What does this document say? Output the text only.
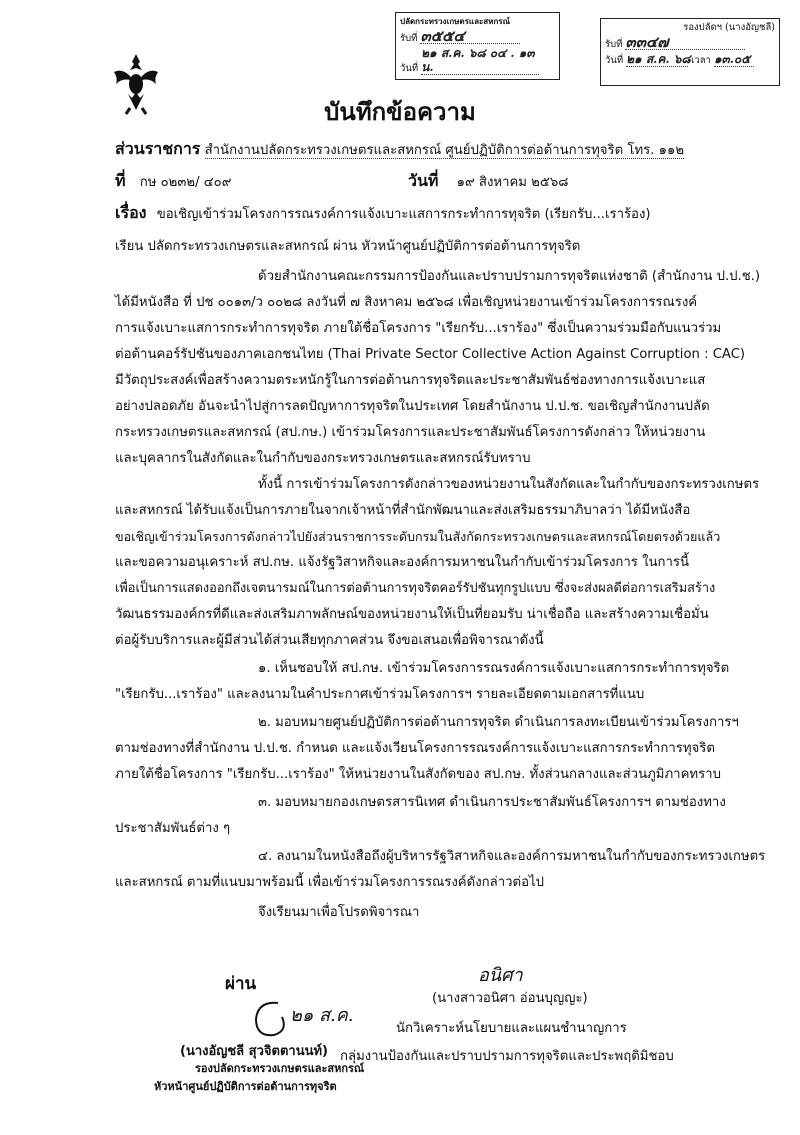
ปลัดกระทรวงเกษตรและสหกรณ์
รับที่ ๓๕๕๔
วันที่ ๒๑ ส.ค. ๖๘ ๐๔ . ๑๓ น.
รองปลัดฯ (นางอัญชลี)
รับที่ ๓๓๔๗
วันที่ ๒๑ ส.ค. ๖๘ เวลา ๑๓.๐๕
บันทึกข้อความ
ส่วนราชการ สำนักงานปลัดกระทรวงเกษตรและสหกรณ์ ศูนย์ปฏิบัติการต่อต้านการทุจริต โทร. ๑๑๒
ที่ กษ ๐๒๓๒/ ๔๐๙	วันที่ ๑๙ สิงหาคม ๒๕๖๘
เรื่อง ขอเชิญเข้าร่วมโครงการรณรงค์การแจ้งเบาะแสการกระทำการทุจริต (เรียกรับ...เราร้อง)
เรียน ปลัดกระทรวงเกษตรและสหกรณ์ ผ่าน หัวหน้าศูนย์ปฏิบัติการต่อต้านการทุจริต
ด้วยสำนักงานคณะกรรมการป้องกันและปราบปรามการทุจริตแห่งชาติ (สำนักงาน ป.ป.ช.)
ได้มีหนังสือ ที่ ปช ๐๐๑๓/ว ๐๐๒๘ ลงวันที่ ๗ สิงหาคม ๒๕๖๘ เพื่อเชิญหน่วยงานเข้าร่วมโครงการรณรงค์
การแจ้งเบาะแสการกระทำการทุจริต ภายใต้ชื่อโครงการ "เรียกรับ...เราร้อง" ซึ่งเป็นความร่วมมือกับแนวร่วม
ต่อต้านคอร์รัปชันของภาคเอกชนไทย (Thai Private Sector Collective Action Against Corruption : CAC)
มีวัตถุประสงค์เพื่อสร้างความตระหนักรู้ในการต่อต้านการทุจริตและประชาสัมพันธ์ช่องทางการแจ้งเบาะแส
อย่างปลอดภัย อันจะนำไปสู่การลดปัญหาการทุจริตในประเทศ โดยสำนักงาน ป.ป.ช. ขอเชิญสำนักงานปลัด
กระทรวงเกษตรและสหกรณ์ (สป.กษ.) เข้าร่วมโครงการและประชาสัมพันธ์โครงการดังกล่าว ให้หน่วยงาน
และบุคลากรในสังกัดและในกำกับของกระทรวงเกษตรและสหกรณ์รับทราบ
ทั้งนี้ การเข้าร่วมโครงการดังกล่าวของหน่วยงานในสังกัดและในกำกับของกระทรวงเกษตร
และสหกรณ์ ได้รับแจ้งเป็นการภายในจากเจ้าหน้าที่สำนักพัฒนาและส่งเสริมธรรมาภิบาลว่า ได้มีหนังสือ
ขอเชิญเข้าร่วมโครงการดังกล่าวไปยังส่วนราชการระดับกรมในสังกัดกระทรวงเกษตรและสหกรณ์โดยตรงด้วยแล้ว
และขอความอนุเคราะห์ สป.กษ. แจ้งรัฐวิสาหกิจและองค์การมหาชนในกำกับเข้าร่วมโครงการ ในการนี้
เพื่อเป็นการแสดงออกถึงเจตนารมณ์ในการต่อต้านการทุจริตคอร์รัปชันทุกรูปแบบ ซึ่งจะส่งผลดีต่อการเสริมสร้าง
วัฒนธรรมองค์กรที่ดีและส่งเสริมภาพลักษณ์ของหน่วยงานให้เป็นที่ยอมรับ น่าเชื่อถือ และสร้างความเชื่อมั่น
ต่อผู้รับบริการและผู้มีส่วนได้ส่วนเสียทุกภาคส่วน จึงขอเสนอเพื่อพิจารณาดังนี้
๑. เห็นชอบให้ สป.กษ. เข้าร่วมโครงการรณรงค์การแจ้งเบาะแสการกระทำการทุจริต
"เรียกรับ...เราร้อง" และลงนามในคำประกาศเข้าร่วมโครงการฯ รายละเอียดตามเอกสารที่แนบ
๒. มอบหมายศูนย์ปฏิบัติการต่อต้านการทุจริต ดำเนินการลงทะเบียนเข้าร่วมโครงการฯ
ตามช่องทางที่สำนักงาน ป.ป.ช. กำหนด และแจ้งเวียนโครงการรณรงค์การแจ้งเบาะแสการกระทำการทุจริต
ภายใต้ชื่อโครงการ "เรียกรับ...เราร้อง" ให้หน่วยงานในสังกัดของ สป.กษ. ทั้งส่วนกลางและส่วนภูมิภาคทราบ
๓. มอบหมายกองเกษตรสารนิเทศ ดำเนินการประชาสัมพันธ์โครงการฯ ตามช่องทาง
ประชาสัมพันธ์ต่าง ๆ
๔. ลงนามในหนังสือถึงผู้บริหารรัฐวิสาหกิจและองค์การมหาชนในกำกับของกระทรวงเกษตร
และสหกรณ์ ตามที่แนบมาพร้อมนี้ เพื่อเข้าร่วมโครงการรณรงค์ดังกล่าวต่อไป
จึงเรียนมาเพื่อโปรดพิจารณา
ผ่าน
๒๑ ส.ค.
(นางอัญชลี สุวจิตตานนท์)
รองปลัดกระทรวงเกษตรและสหกรณ์
หัวหน้าศูนย์ปฏิบัติการต่อต้านการทุจริต
อนิศา
(นางสาวอนิศา อ่อนบุญญะ)
นักวิเคราะห์นโยบายและแผนชำนาญการ
กลุ่มงานป้องกันและปราบปรามการทุจริตและประพฤติมิชอบ
